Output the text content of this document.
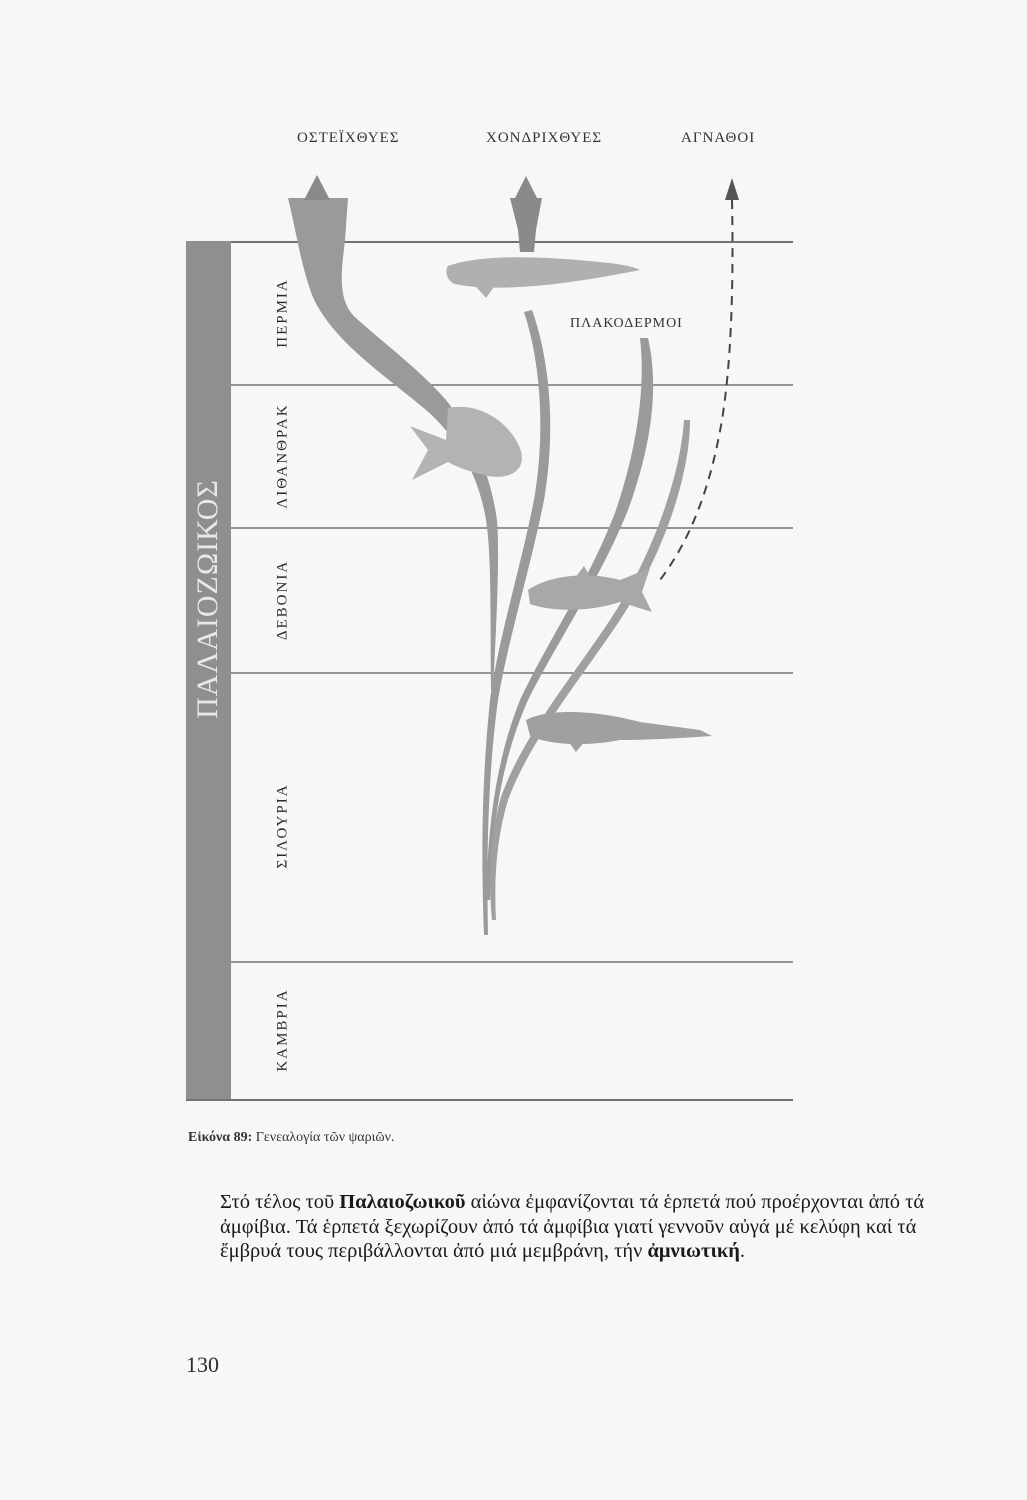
ΟΣΤΕΪΧΘΥΕΣ	ΧΟΝΔΡΙΧΘΥΕΣ	ΑΓΝΑΘΟΙ
ΠΑΛΑΙΟΖΩΙΚΟΣ
ΠΕΡΜΙΑ
ΛΙΘΑΝΘΡΑΚ
ΔΕΒΟΝΙΑ
ΣΙΛΟΥΡΙΑ
ΚΑΜΒΡΙΑ
ΠΛΑΚΟΔΕΡΜΟΙ
Εἰκόνα 89: Γενεαλογία τῶν ψαριῶν.

Στό τέλος τοῦ Παλαιοζωικοῦ αἰώνα ἐμφανίζονται τά ἑρπετά πού προέρχονται ἀπό τά ἀμφίβια. Τά ἑρπετά ξεχωρίζουν ἀπό τά ἀμφίβια γιατί γεννοῦν αὐγά μέ κελύφη καί τά ἔμβρυά τους περιβάλλονται ἀπό μιά μεμβράνη, τήν ἀμνιωτική.

130
